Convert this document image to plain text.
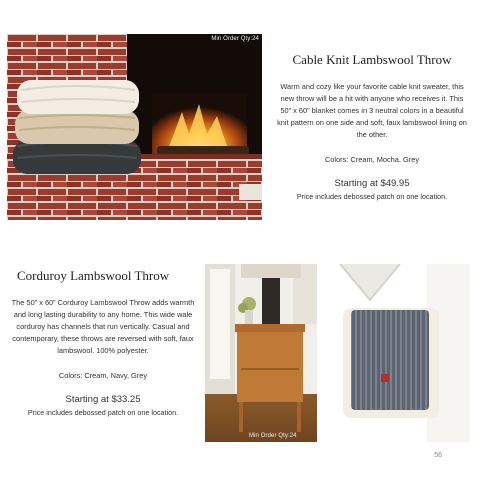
Min Order Qty:24
Cable Knit Lambswool Throw

Warm and cozy like your favorite cable knit sweater, this new throw will be a hit with anyone who receives it. This 50” x 60” blanket comes in 3 neutral colors in a beautiful knit pattern on one side and soft, faux lambswool lining on the other.

Colors: Cream, Mocha, Grey

Starting at $49.95

Price includes debossed patch on one location.

Corduroy Lambswool Throw

The 50” x 60” Corduroy Lambswool Throw adds warmth and long lasting durability to any home. This wide wale corduroy has channels that run vertically. Casual and contemporary, these throws are reversed with soft, faux lambswool. 100% polyester.

Colors: Cream, Navy, Grey

Starting at $33.25

Price includes debossed patch on one location.

Min Order Qty:24
56
